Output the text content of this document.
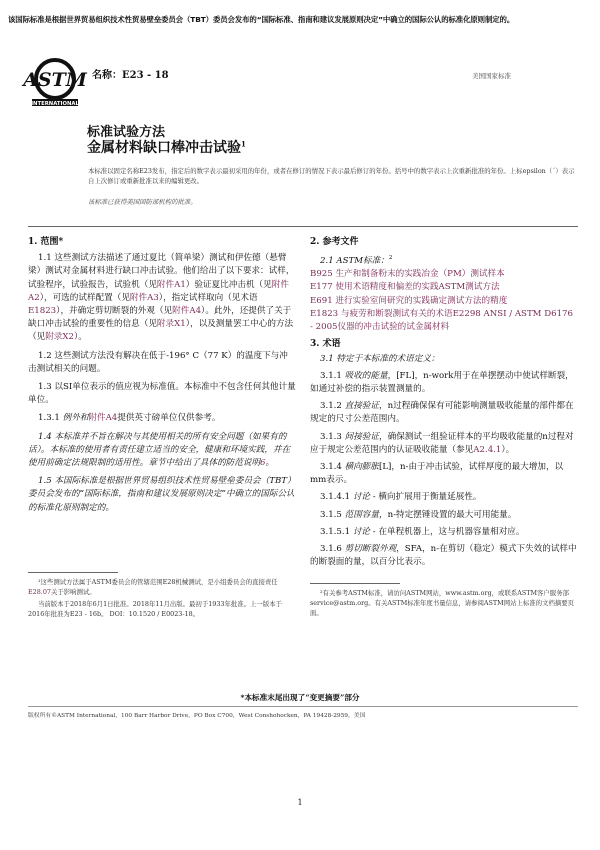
该国际标准是根据世界贸易组织技术性贸易壁垒委员会（TBT）委员会发布的“国际标准、指南和建议发展原则决定”中确立的国际公认的标准化原则制定的。
ASTM
INTERNATIONAL
名称：E23 - 18	美国国家标准
标准试验方法
金属材料缺口棒冲击试验$^1$
本标准以固定名称E23发布，指定后的数字表示最初采用的年份，或者在修订的情况下表示最后修订的年份。括号中的数字表示上次重新批准的年份。上标epsilon（´）表示自上次修订或重新批准以来的编辑更改。
该标准已获得美国国防部机构的批准。
1. 范围*
1.1 这些测试方法描述了通过夏比（简单梁）测试和伊佐德（悬臂梁）测试对金属材料进行缺口冲击试验。他们给出了以下要求：试样，试验程序，试验报告，试验机（见附件A1）验证夏比冲击机（见附件A2），可选的试样配置（见附件A3），指定试样取向（见术语E1823），并确定剪切断裂的外观（见附件A4）。此外，还提供了关于缺口冲击试验的重要性的信息（见附录X1），以及测量罢工中心的方法（见附录X2）。
1.2 这些测试方法没有解决在低于-196° C（77 K）的温度下与冲击测试相关的问题。
1.3 以SI单位表示的值应视为标准值。本标准中不包含任何其他计量单位。
1.3.1 例外和附件A4提供英寸磅单位仅供参考。
1.4 本标准并不旨在解决与其使用相关的所有安全问题（如果有的话）。本标准的使用者有责任建立适当的安全，健康和环境实践，并在使用前确定法规限制的适用性。章节中给出了具体的防范说明6。
1.5 本国际标准是根据世界贸易组织技术性贸易壁垒委员会（TBT）委员会发布的“国际标准，指南和建议发展原则决定”中确立的国际公认的标准化原则制定的。
¹这些测试方法属于ASTM委员会的管辖范围E28机械测试，是小组委员会的直接责任E28.07关于影响测试。
当前版本于2018年6月1日批准。2018年11月出版。最初于1933年批准。上一版本于2016年批准为E23 - 16b。 DOI：10.1520 / E0023-18。
2. 参考文件
2.1 ASTM标准：$^2$
B925 生产和制备粉末的实践冶金（PM）测试样本
E177 使用术语精度和偏差的实践ASTM测试方法
E691 进行实验室间研究的实践确定测试方法的精度
E1823 与疲劳和断裂测试有关的术语E2298 ANSI / ASTM D6176 - 2005仪器的冲击试验的试金属材料
3. 术语
3.1 特定于本标准的术语定义：
3.1.1 吸收的能量，[FL]，n-work用于在单摆摆动中使试样断裂，如通过补偿的指示装置测量的。
3.1.2 直接验证，n过程确保保有可能影响测量吸收能量的部件都在规定的尺寸公差范围内。
3.1.3 间接验证，确保测试一组验证样本的平均吸收能量的n过程对应于规定公差范围内的认证吸收能量（参见A2.4.1）。
3.1.4 横向膨胀[L]，n-由于冲击试验，试样厚度的最大增加，以mm表示。
3.1.4.1 讨论 - 横向扩展用于衡量延展性。
3.1.5 范围容量，n-特定摆锤设置的最大可用能量。
3.1.5.1 讨论 - 在单程机器上，这与机器容量相对应。
3.1.6 剪切断裂外观，SFA，n-在剪切（稳定）模式下失效的试样中的断裂面的量，以百分比表示。
²有关参考ASTM标准，请访问ASTM网站，www.astm.org，或联系ASTM客户服务部service@astm.org。有关ASTM标准年度书量信息，请参阅ASTM网站上标准的文档摘要页面。
*本标准末尾出现了“变更摘要”部分
版权所有©ASTM International，100 Barr Harbor Drive，PO Box C700，West Conshohocken，PA 19428-2959，美国
1
